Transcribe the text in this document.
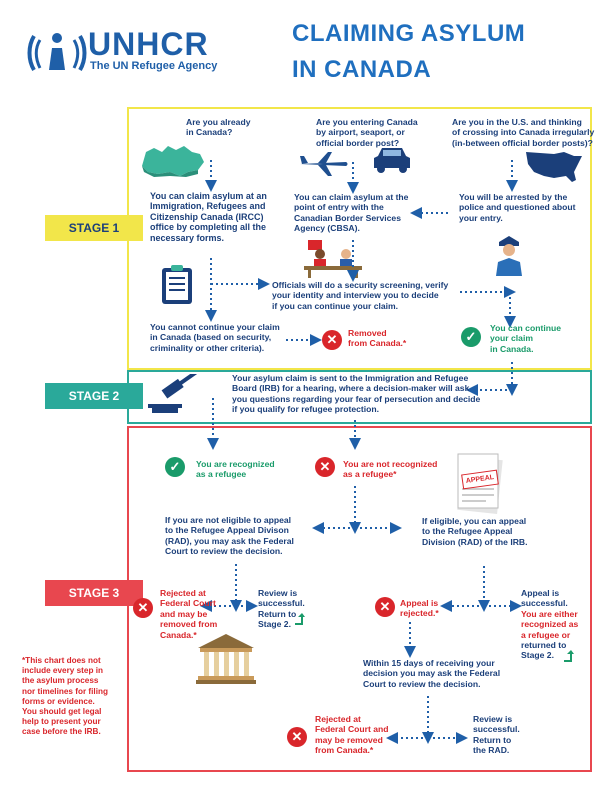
UNHCR
The UN Refugee Agency
CLAIMING ASYLUM
IN CANADA
STAGE 1
STAGE 2
STAGE 3
APPEAL
✕	✓
✓	✕
✕	✕
✕
Are you already
in Canada?
Are you entering Canada
by airport, seaport, or
official border post?
Are you in the U.S. and thinking
of crossing into Canada irregularly
(in-between official border posts)?
You can claim asylum at an
Immigration, Refugees and
Citizenship Canada (IRCC)
office by completing all the
necessary forms.
You can claim asylum at the
point of entry with the
Canadian Border Services
Agency (CBSA).
You will be arrested by the
police and questioned about
your entry.
Officials will do a security screening, verify
your identity and interview you to decide
if you can continue your claim.
You cannot continue your claim
in Canada (based on security,
criminality or other criteria).
Removed
from Canada.*
You can continue
your claim
in Canada.
Your asylum claim is sent to the Immigration and Refugee
Board (IRB) for a hearing, where a decision-maker will ask
you questions regarding your fear of persecution and decide
if you qualify for refugee protection.
You are recognized
as a refugee
You are not recognized
as a refugee*
If you are not eligible to appeal
to the Refugee Appeal Divison
(RAD), you may ask the Federal
Court to review the decision.
If eligible, you can appeal
to the Refugee Appeal
Division (RAD) of the IRB.
Rejected at
Federal Court
and may be
removed from
Canada.*
Review is
successful.
Return to
Stage 2.
Appeal is
rejected.*
Appeal is
successful.
You are either
recognized as
a refugee or
returned to
Stage 2.
Within 15 days of receiving your
decision you may ask the Federal
Court to review the decision.
Rejected at
Federal Court and
may be removed
from Canada.*
Review is
successful.
Return to
the RAD.
*This chart does not
include every step in
the asylum process
nor timelines for filing
forms or evidence.
You should get legal
help to present your
case before the IRB.
